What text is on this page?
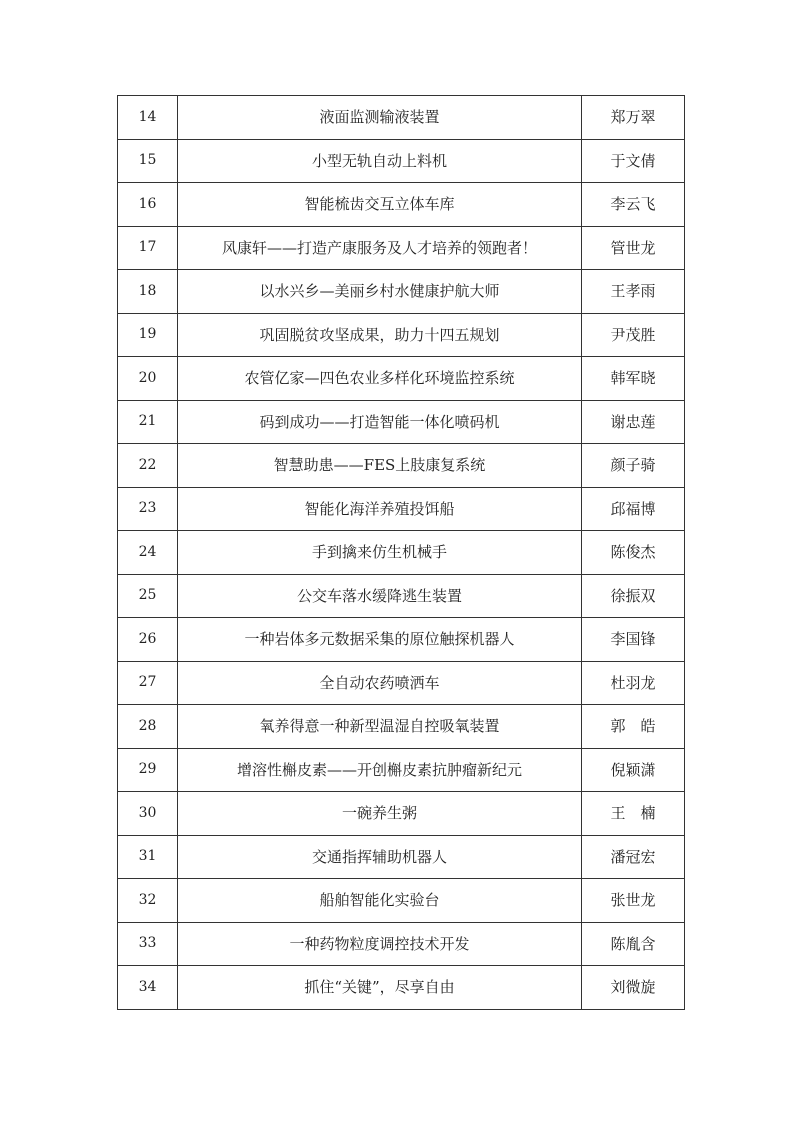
14	液面监测输液装置	郑万翠
15	小型无轨自动上料机	于文倩
16	智能梳齿交互立体车库	李云飞
17	风康轩——打造产康服务及人才培养的领跑者！	管世龙
18	以水兴乡—美丽乡村水健康护航大师	王孝雨
19	巩固脱贫攻坚成果，助力十四五规划	尹茂胜
20	农管亿家—四色农业多样化环境监控系统	韩军晓
21	码到成功——打造智能一体化喷码机	谢忠莲
22	智慧助患——FES上肢康复系统	颜子骑
23	智能化海洋养殖投饵船	邱福博
24	手到擒来仿生机械手	陈俊杰
25	公交车落水缓降逃生装置	徐振双
26	一种岩体多元数据采集的原位触探机器人	李国锋
27	全自动农药喷洒车	杜羽龙
28	氧养得意一种新型温湿自控吸氧装置	郭　皓
29	增溶性槲皮素——开创槲皮素抗肿瘤新纪元	倪颖潇
30	一碗养生粥	王　楠
31	交通指挥辅助机器人	潘冠宏
32	船舶智能化实验台	张世龙
33	一种药物粒度调控技术开发	陈胤含
34	抓住“关键”，尽享自由	刘微旋
